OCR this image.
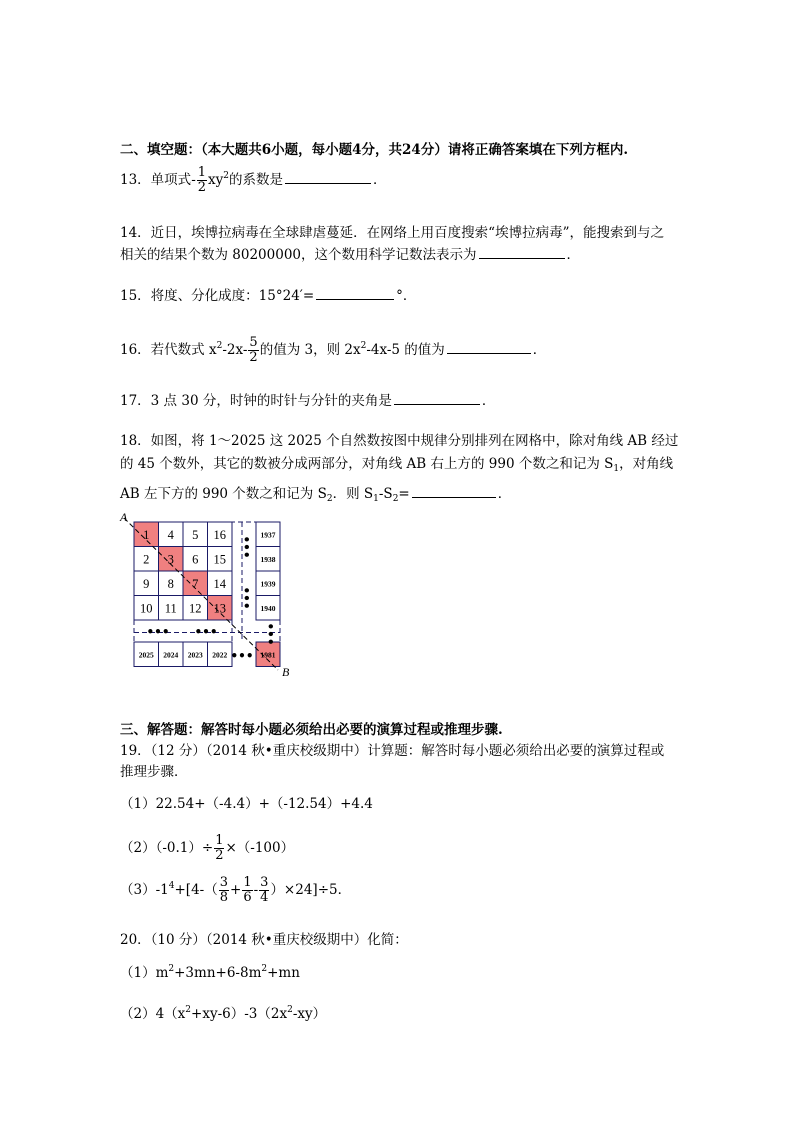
二、填空题：（本大题共6小题，每小题4分，共24分）请将正确答案填在下列方框内.
13．单项式- $\frac{1}{2} xy^2$的系数是	．
14．近日，埃博拉病毒在全球肆虐蔓延．在网络上用百度搜索“埃博拉病毒”，能搜索到与之
相关的结果个数为 80200000，这个数用科学记数法表示为	．
15．将度、分化成度：15°24′=	°．
16．若代数式 $x^2-2x- \frac{5}{2}$ 的值为 3，则 $2x^2-4x-5$ 的值为	．
17．3 点 30 分，时钟的时针与分针的夹角是	．
18．如图，将 1～2025 这 2025 个自然数按图中规律分别排列在网格中，除对角线 AB 经过
的 45 个数外，其它的数被分成两部分，对角线 AB 右上方的 990 个数之和记为 $S_1$，对角线
AB 左下方的 990 个数之和记为 $S_2$．则 $S_1-S_2=$	．
1 4 5 16
2 3 6 15
9 8 7 14
10 11 12 13
1937
1938
1939
1940
2025 2024 2023 2022	1981
••• •••
•••
•••
•••
•••
A
B
三、解答题：解答时每小题必须给出必要的演算过程或推理步骤.
19．（12 分）（2014 秋•重庆校级期中）计算题：解答时每小题必须给出必要的演算过程或
推理步骤．
（1）22.54+（-4.4）+（-12.54）+4.4
$(2)(-0.1)\div \frac{1}{2} \times(-100)$
$(3)-1^4+[4-( \frac{3}{8} + \frac{1}{6} - \frac{3}{4} )\times 24]\div 5$．
20．（10 分）（2014 秋•重庆校级期中）化简：
$(1)m^2+3mn+6-8m^2+mn$
$(2)4(x^2+xy-6)-3(2x^2-xy)$
